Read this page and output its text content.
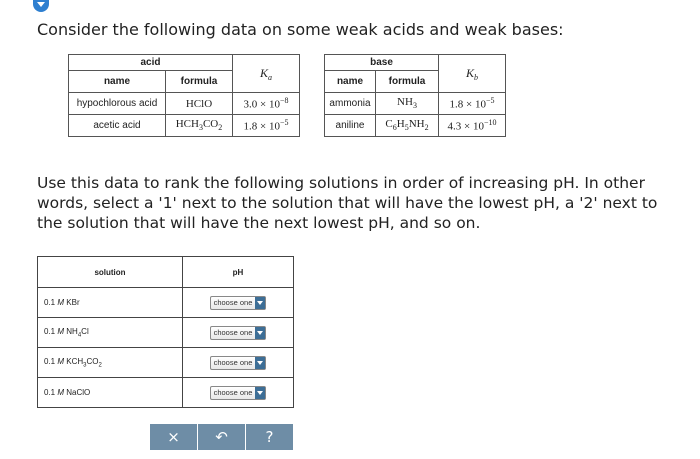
Consider the following data on some weak acids and weak bases:
acid		$K_a$
name	formula	
hypochlorous acid	HClO	$3.0 \times 10^{-8}$
acetic acid	$HCH_3CO_2$	$1.8 \times 10^{-5}$
base		$K_b$
name	formula	
ammonia	$NH_3$	$1.8 \times 10^{-5}$
aniline	$C_6H_5NH_2$	$4.3 \times 10^{-10}$
Use this data to rank the following solutions in order of increasing pH. In other words, select a '1' next to the solution that will have the lowest pH, a '2' next to the solution that will have the next lowest pH, and so on.
solution	pH
0.1 M KBr	choose one

0.1 M $NH_4Cl$	choose one

0.1 M $KCH_3CO_2$	choose one

0.1 M NaClO	choose one
×	↶	?
